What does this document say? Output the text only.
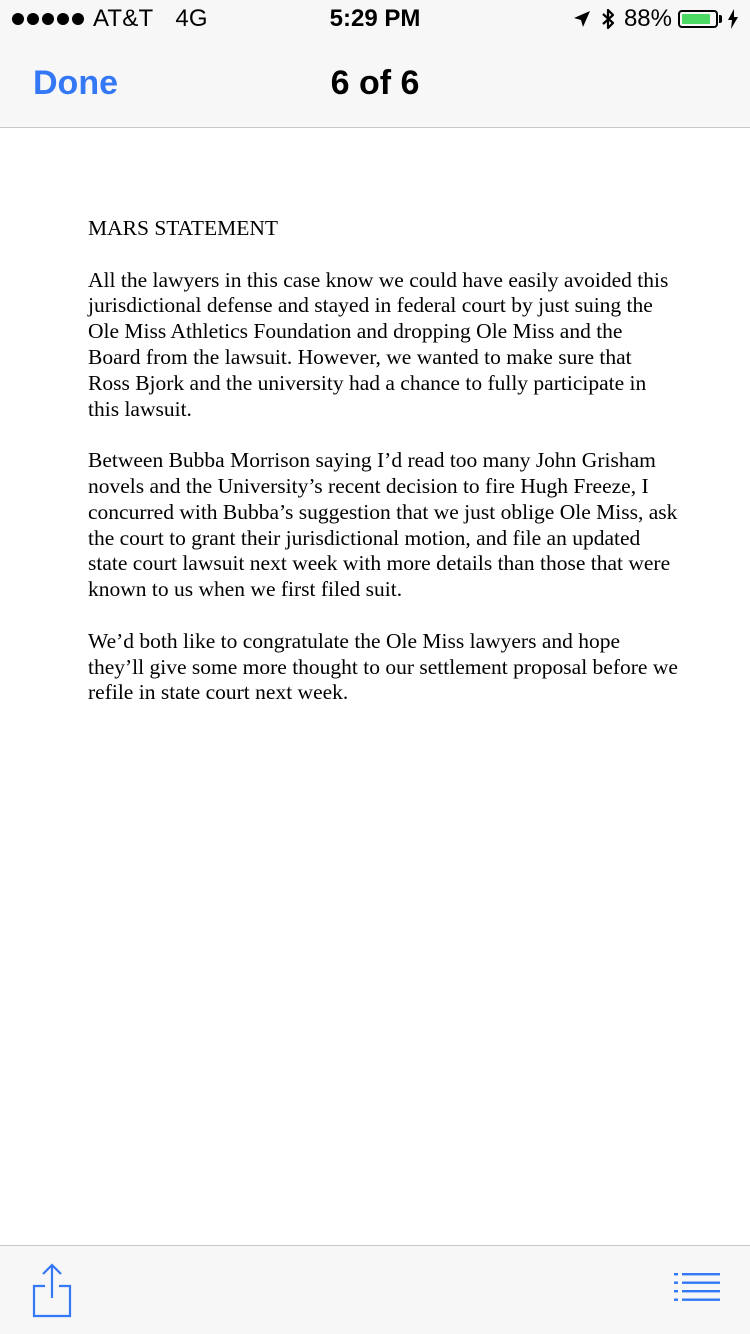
AT&T 4G	5:29 PM	88%
Done	6 of 6

MARS STATEMENT

All the lawyers in this case know we could have easily avoided this jurisdictional defense and stayed in federal court by just suing the Ole Miss Athletics Foundation and dropping Ole Miss and the Board from the lawsuit. However, we wanted to make sure that Ross Bjork and the university had a chance to fully participate in this lawsuit.

Between Bubba Morrison saying I’d read too many John Grisham novels and the University’s recent decision to fire Hugh Freeze, I concurred with Bubba’s suggestion that we just oblige Ole Miss, ask the court to grant their jurisdictional motion, and file an updated state court lawsuit next week with more details than those that were known to us when we first filed suit.

We’d both like to congratulate the Ole Miss lawyers and hope they’ll give some more thought to our settlement proposal before we refile in state court next week.
